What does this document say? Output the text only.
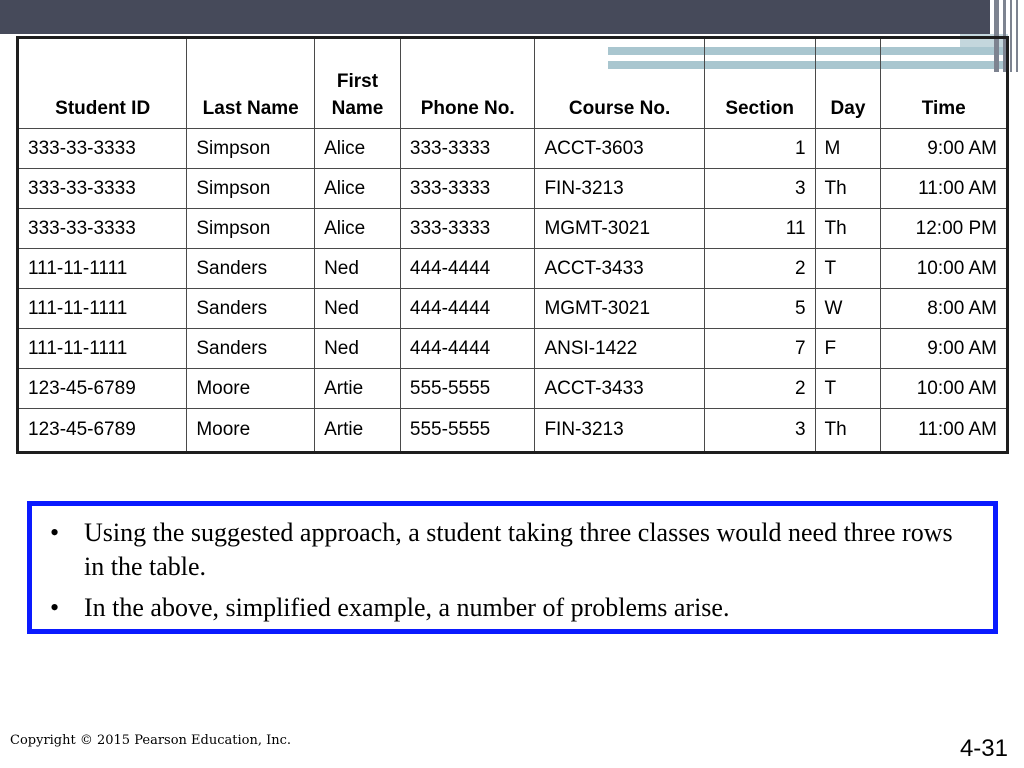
Student ID	Last Name	First Name	Phone No.	Course No.	Section	Day	Time
333-33-3333	Simpson	Alice	333-3333	ACCT-3603	1	M	9:00 AM
333-33-3333	Simpson	Alice	333-3333	FIN-3213	3	Th	11:00 AM
333-33-3333	Simpson	Alice	333-3333	MGMT-3021	11	Th	12:00 PM
111-11-1111	Sanders	Ned	444-4444	ACCT-3433	2	T	10:00 AM
111-11-1111	Sanders	Ned	444-4444	MGMT-3021	5	W	8:00 AM
111-11-1111	Sanders	Ned	444-4444	ANSI-1422	7	F	9:00 AM
123-45-6789	Moore	Artie	555-5555	ACCT-3433	2	T	10:00 AM
123-45-6789	Moore	Artie	555-5555	FIN-3213	3	Th	11:00 AM
• Using the suggested approach, a student taking three classes would need three rows in the table.
• In the above, simplified example, a number of problems arise.
Copyright © 2015 Pearson Education, Inc.	4-31
